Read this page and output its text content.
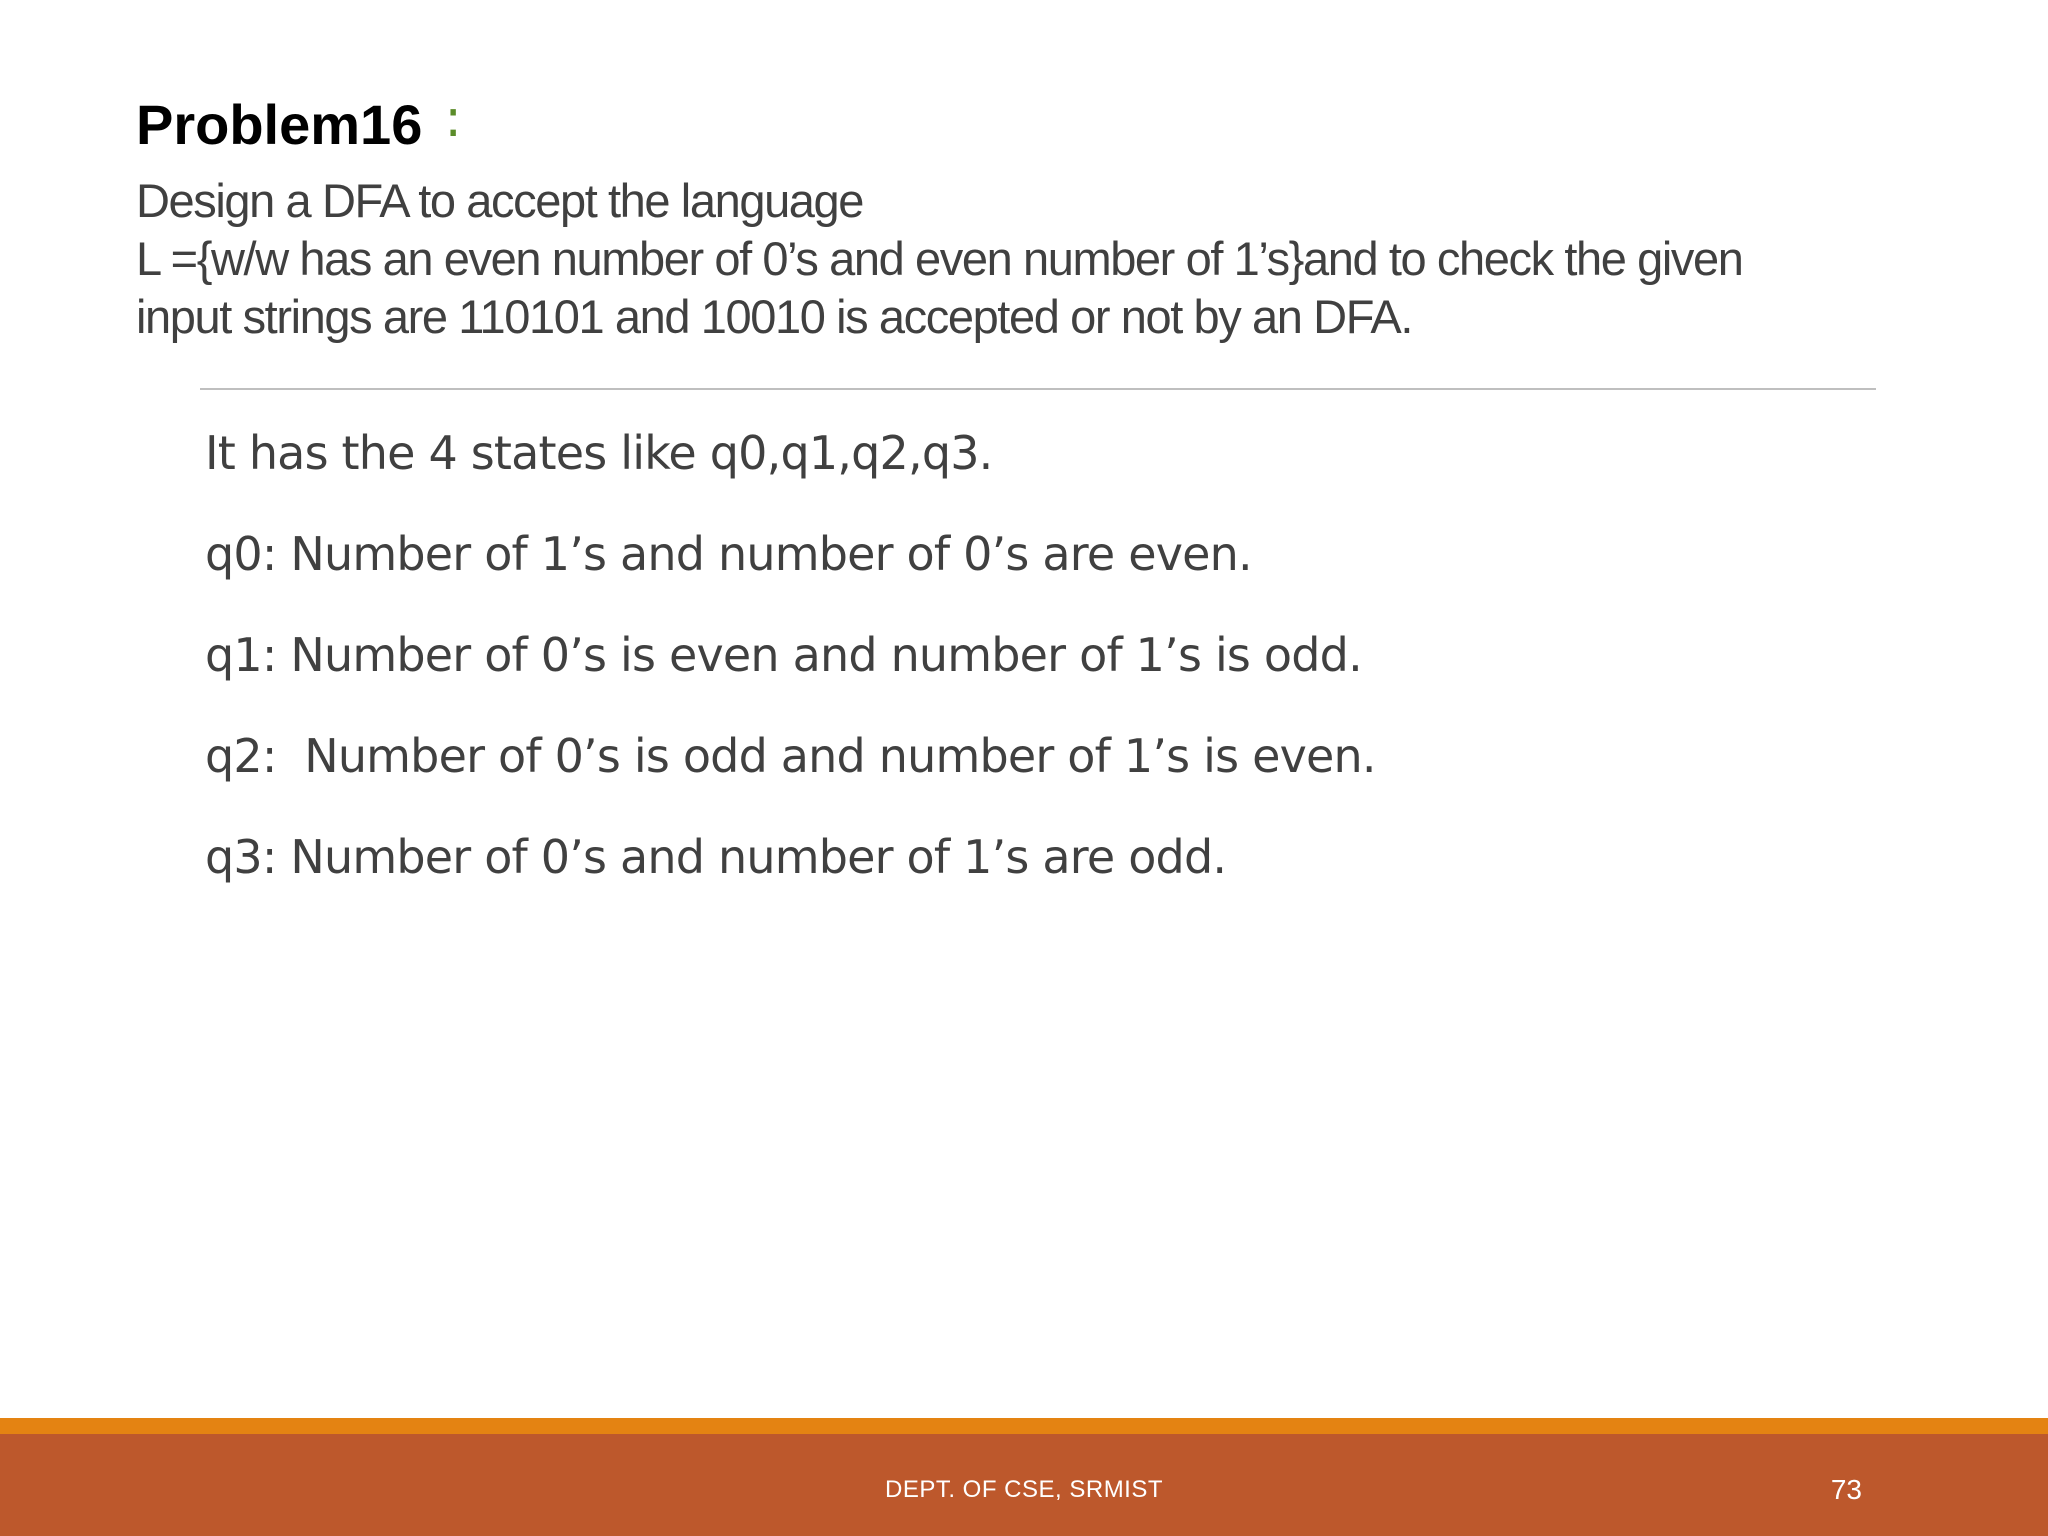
Problem16 :
Design a DFA to accept the language
L ={w/w has an even number of 0’s and even number of 1’s}and to check the given
input strings are 110101 and 10010 is accepted or not by an DFA.
It has the 4 states like q0,q1,q2,q3.
q0: Number of 1’s and number of 0’s are even.
q1: Number of 0’s is even and number of 1’s is odd.
q2:  Number of 0’s is odd and number of 1’s is even.
q3: Number of 0’s and number of 1’s are odd.
DEPT. OF CSE, SRMIST	73
